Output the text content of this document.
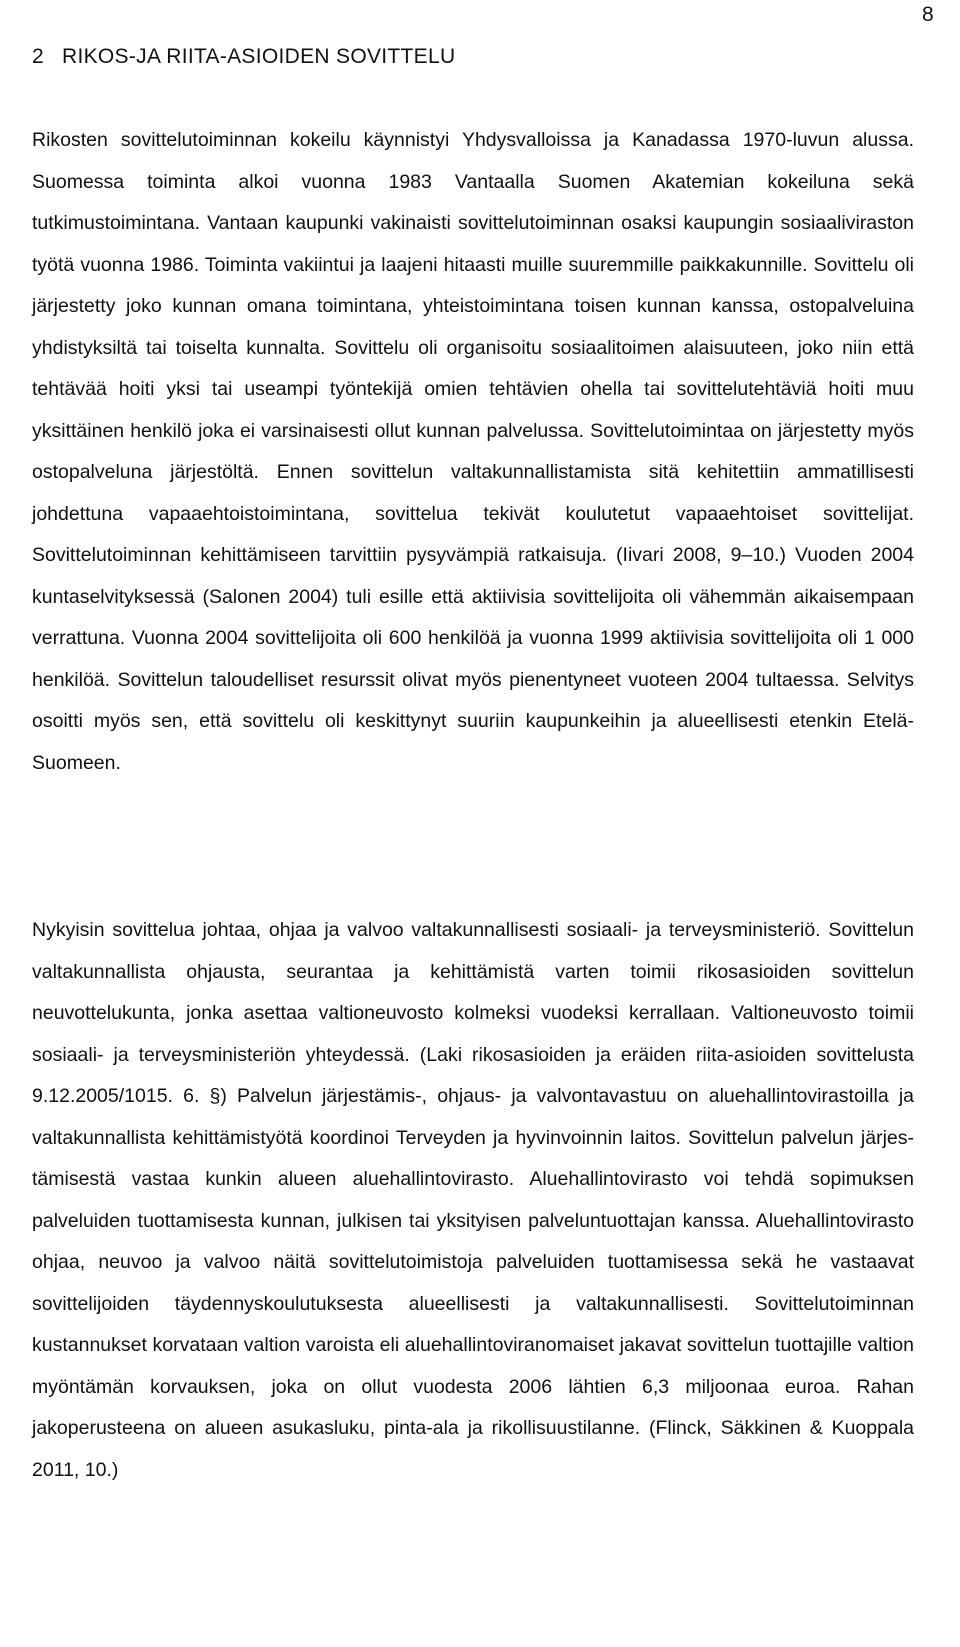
8
2 RIKOS-JA RIITA-ASIOIDEN SOVITTELU

Rikosten sovittelutoiminnan kokeilu käynnistyi Yhdysvalloissa ja Kanadassa 1970-luvun alussa. Suomessa toiminta alkoi vuonna 1983 Vantaalla Suomen Akatemian kokeiluna sekä tutkimustoimintana. Vantaan kaupunki vakinaisti sovittelutoiminnan osaksi kaupungin sosiaaliviraston työtä vuonna 1986. Toiminta vakiintui ja laajeni hitaasti muille suuremmille paikkakunnille. Sovittelu oli järjestetty joko kunnan omana toimintana, yhteistoimintana toisen kunnan kanssa, ostopalveluina yhdistyksiltä tai toiselta kunnalta. Sovittelu oli organisoitu sosiaalitoimen alaisuuteen, joko niin että tehtävää hoiti yksi tai useampi työntekijä omien tehtävien ohella tai sovittelutehtäviä hoiti muu yksittäinen henkilö joka ei varsinaisesti ollut kunnan palvelussa. Sovittelutoimintaa on järjestetty myös ostopalveluna järjestöltä. Ennen sovittelun valtakunnallistamista sitä kehitettiin ammatillisesti johdettuna vapaaehtoistoimintana, sovittelua tekivät koulutetut vapaaehtoiset sovittelijat. Sovittelutoiminnan kehittämiseen tarvittiin pysyvämpiä ratkaisuja. (Iivari 2008, 9–10.) Vuoden 2004 kuntaselvityksessä (Salonen 2004) tuli esille että aktiivisia sovittelijoita oli vähemmän aikaisempaan verrattuna. Vuonna 2004 sovittelijoita oli 600 henkilöä ja vuonna 1999 aktiivisia sovittelijoita oli 1 000 henkilöä. Sovittelun taloudelliset resurssit olivat myös pienentyneet vuoteen 2004 tultaessa. Selvitys osoitti myös sen, että sovittelu oli keskittynyt suuriin kaupunkeihin ja alueellisesti etenkin Etelä-Suomeen.

Nykyisin sovittelua johtaa, ohjaa ja valvoo valtakunnallisesti sosiaali- ja terveysministeriö. Sovittelun valtakunnallista ohjausta, seurantaa ja kehittämistä varten toimii rikosasioiden sovittelun neuvottelukunta, jonka asettaa valtioneuvosto kolmeksi vuodeksi kerrallaan. Valtioneuvosto toimii sosiaali- ja terveysministeriön yhteydessä. (Laki rikosasioiden ja eräiden riita-asioiden sovittelusta 9.12.2005/1015. 6. §) Palvelun järjestämis-, ohjaus- ja valvontavastuu on aluehallintovirastoilla ja valtakunnallista kehittämistyötä koordinoi Terveyden ja hyvinvoinnin laitos. Sovittelun palvelun järjestämisestä vastaa kunkin alueen aluehallintovirasto. Aluehallintovirasto voi tehdä sopimuksen palveluiden tuottamisesta kunnan, julkisen tai yksityisen palveluntuottajan kanssa. Aluehallintovirasto ohjaa, neuvoo ja valvoo näitä sovittelutoimistoja palveluiden tuottamisessa sekä he vastaavat sovittelijoiden täydennyskoulutuksesta alueellisesti ja valtakunnallisesti. Sovittelutoiminnan kustannukset korvataan valtion varoista eli aluehallintoviranomaiset jakavat sovittelun tuottajille valtion myöntämän korvauksen, joka on ollut vuodesta 2006 lähtien 6,3 miljoonaa euroa. Rahan jakoperusteena on alueen asukasluku, pinta-ala ja rikollisuustilanne. (Flinck, Säkkinen & Kuoppala 2011, 10.)
